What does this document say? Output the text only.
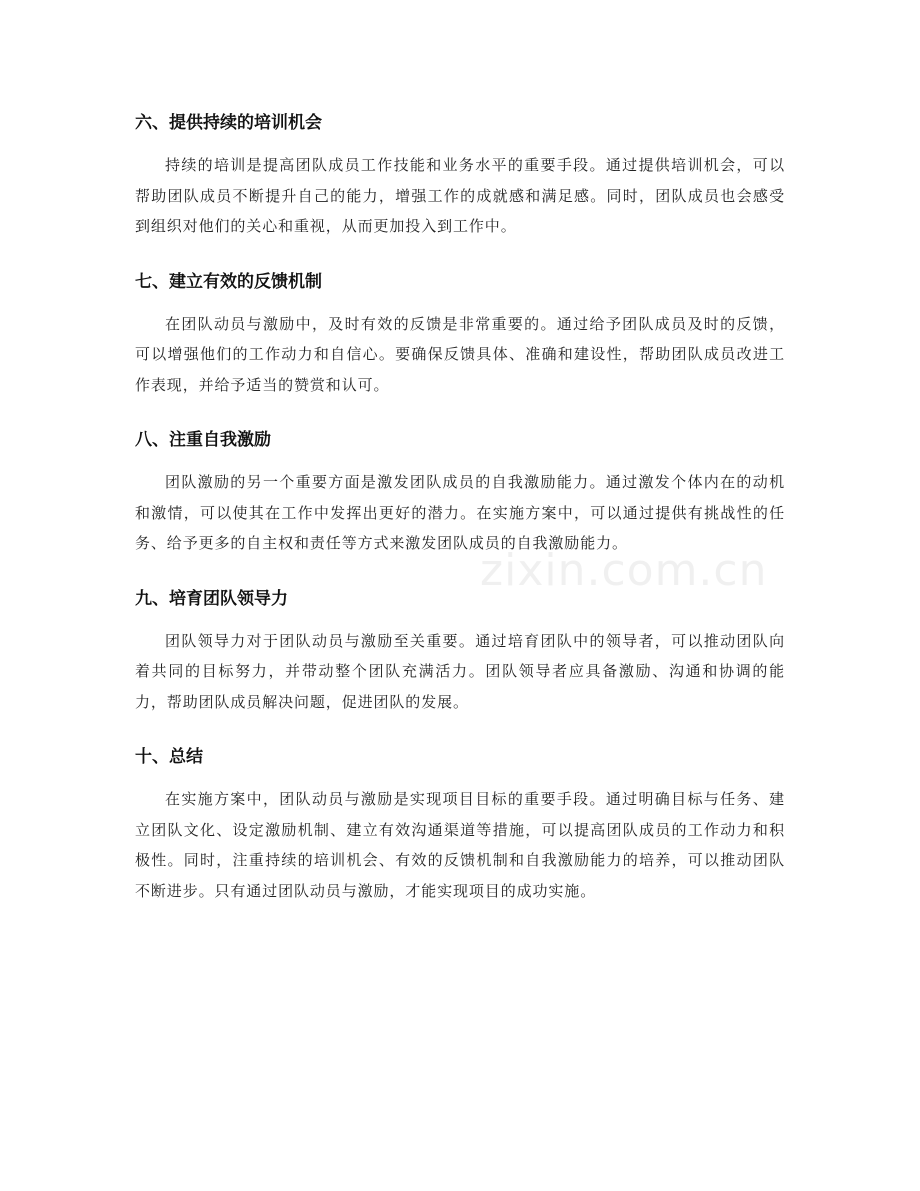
六、提供持续的培训机会

持续的培训是提高团队成员工作技能和业务水平的重要手段。通过提供培训机会，可以帮助团队成员不断提升自己的能力，增强工作的成就感和满足感。同时，团队成员也会感受到组织对他们的关心和重视，从而更加投入到工作中。

七、建立有效的反馈机制

在团队动员与激励中，及时有效的反馈是非常重要的。通过给予团队成员及时的反馈，可以增强他们的工作动力和自信心。要确保反馈具体、准确和建设性，帮助团队成员改进工作表现，并给予适当的赞赏和认可。

八、注重自我激励

团队激励的另一个重要方面是激发团队成员的自我激励能力。通过激发个体内在的动机和激情，可以使其在工作中发挥出更好的潜力。在实施方案中，可以通过提供有挑战性的任务、给予更多的自主权和责任等方式来激发团队成员的自我激励能力。

九、培育团队领导力

团队领导力对于团队动员与激励至关重要。通过培育团队中的领导者，可以推动团队向着共同的目标努力，并带动整个团队充满活力。团队领导者应具备激励、沟通和协调的能力，帮助团队成员解决问题，促进团队的发展。

十、总结

在实施方案中，团队动员与激励是实现项目目标的重要手段。通过明确目标与任务、建立团队文化、设定激励机制、建立有效沟通渠道等措施，可以提高团队成员的工作动力和积极性。同时，注重持续的培训机会、有效的反馈机制和自我激励能力的培养，可以推动团队不断进步。只有通过团队动员与激励，才能实现项目的成功实施。

zixin.com.cn
